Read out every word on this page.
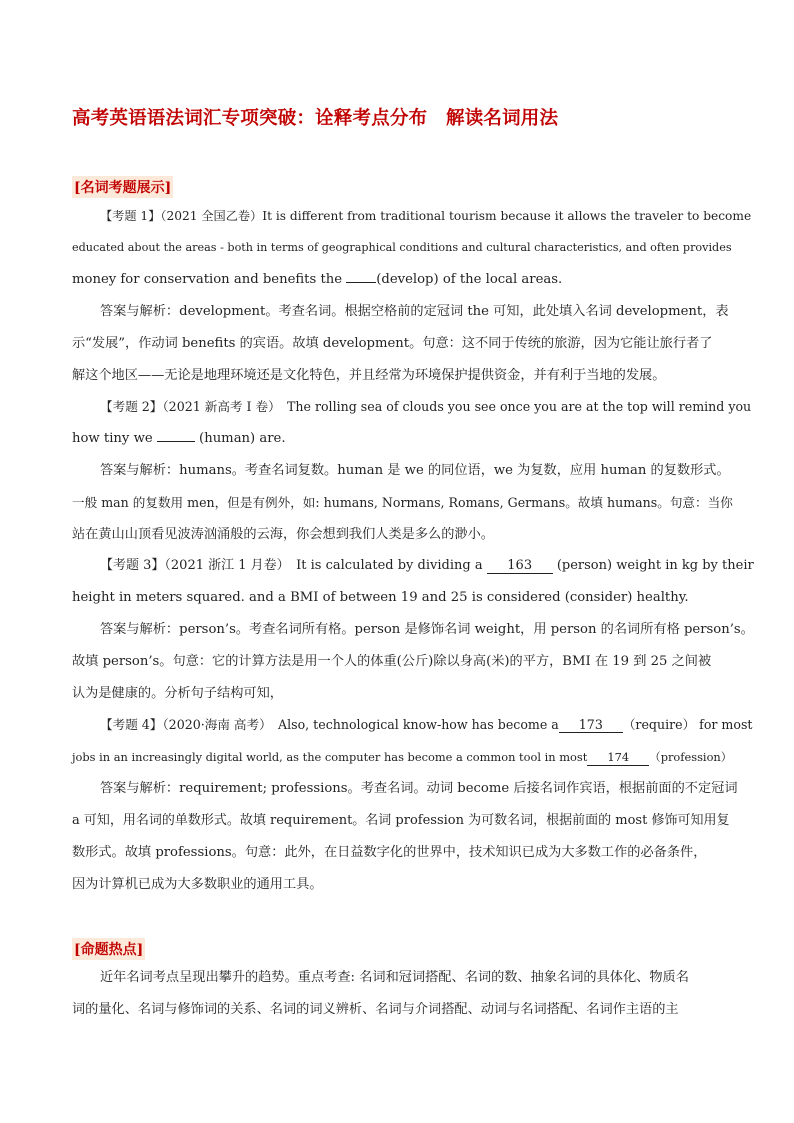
高考英语语法词汇专项突破：诠释考点分布　解读名词用法
[名词考题展示]
【考题 1】（2021 全国乙卷）It is different from traditional tourism because it allows the traveler to become
educated about the areas - both in terms of geographical conditions and cultural characteristics, and often provides
money for conservation and benefits the (develop) of the local areas.
答案与解析：development。考查名词。根据空格前的定冠词 the 可知，此处填入名词 development，表
示“发展”，作动词 benefits 的宾语。故填 development。句意：这不同于传统的旅游，因为它能让旅行者了
解这个地区——无论是地理环境还是文化特色，并且经常为环境保护提供资金，并有利于当地的发展。
【考题 2】（2021 新高考 I 卷）　The rolling sea of clouds you see once you are at the top will remind you
how tiny we	(human) are.
答案与解析：humans。考查名词复数。human 是 we 的同位语，we 为复数，应用 human 的复数形式。
一般 man 的复数用 men，但是有例外，如: humans, Normans, Romans, Germans。故填 humans。句意：当你
站在黄山山顶看见波涛汹涌般的云海，你会想到我们人类是多么的渺小。
【考题 3】（2021 浙江 1 月卷）　It is calculated by dividing a 163 (person) weight in kg by their
height in meters squared. and a BMI of between 19 and 25 is considered (consider) healthy.
答案与解析：person’s。考查名词所有格。person 是修饰名词 weight，用 person 的名词所有格 person’s。
故填 person’s。句意：它的计算方法是用一个人的体重(公斤)除以身高(米)的平方，BMI 在 19 到 25 之间被
认为是健康的。分析句子结构可知，
【考题 4】（2020·海南 高考）　Also, technological know-how has become a 173 （require） for most
jobs in an increasingly digital world, as the computer has become a common tool in most 174 （profession）
答案与解析：requirement; professions。考查名词。动词 become 后接名词作宾语，根据前面的不定冠词
a 可知，用名词的单数形式。故填 requirement。名词 profession 为可数名词，根据前面的 most 修饰可知用复
数形式。故填 professions。句意：此外，在日益数字化的世界中，技术知识已成为大多数工作的必备条件，
因为计算机已成为大多数职业的通用工具。
[命题热点]
近年名词考点呈现出攀升的趋势。重点考查: 名词和冠词搭配、名词的数、抽象名词的具体化、物质名
词的量化、名词与修饰词的关系、名词的词义辨析、名词与介词搭配、动词与名词搭配、名词作主语的主
